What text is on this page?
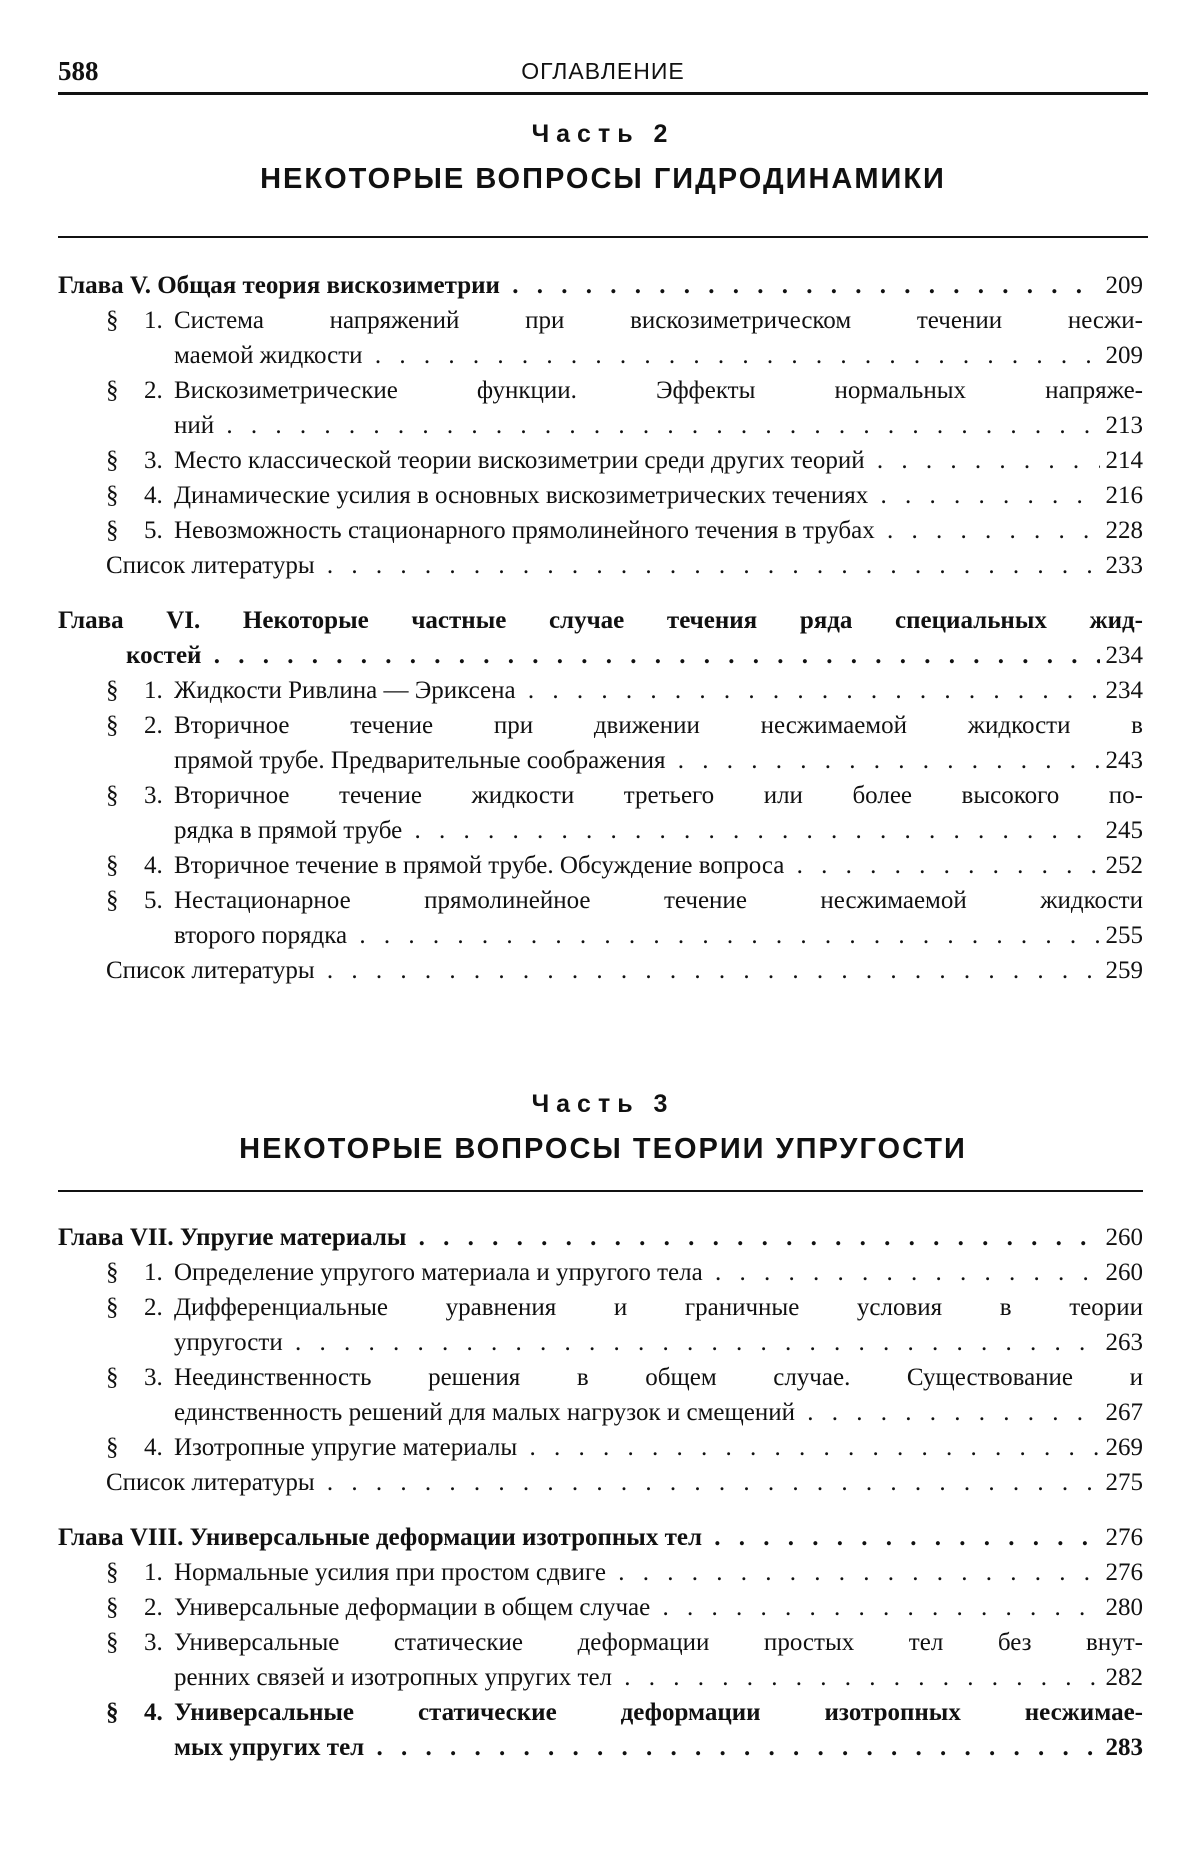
588	ОГЛАВЛЕНИЕ
Часть 2
НЕКОТОРЫЕ ВОПРОСЫ ГИДРОДИНАМИКИ
Глава V. Общая теория вискозиметрии . . .	209
§	1. Система напряжений при вискозиметрическом течении несжи-
маемой жидкости . . .	209
§	2. Вискозиметрические функции. Эффекты нормальных напряже-
ний . . .	213
§ 3. Место классической теории вискозиметрии среди других теорий . . .	214
§ 4. Динамические усилия в основных вискозиметрических течениях . . .	216
§ 5. Невозможность стационарного прямолинейного течения в трубах . . .	228
Список литературы . . .	233
Глава VI. Некоторые частные случае течения ряда специальных жид-
костей . . .	234
§ 1. Жидкости Ривлина — Эриксена . . .	234
§	2. Вторичное течение при движении несжимаемой жидкости в
прямой трубе. Предварительные соображения . . .	243
§	3. Вторичное течение жидкости третьего или более высокого по-
рядка в прямой трубе . . .	245
§ 4. Вторичное течение в прямой трубе. Обсуждение вопроса . . .	252
§	5. Нестационарное прямолинейное течение несжимаемой жидкости
второго порядка . . .	255
Список литературы . . .	259
Часть 3
НЕКОТОРЫЕ ВОПРОСЫ ТЕОРИИ УПРУГОСТИ
Глава VII. Упругие материалы . . .	260
§ 1. Определение упругого материала и упругого тела . . .	260
§	2. Дифференциальные уравнения и граничные условия в теории
упругости . . .	263
§	3. Неединственность решения в общем случае. Существование и
единственность решений для малых нагрузок и смещений . . .	267
§ 4. Изотропные упругие материалы . . .	269
Список литературы . . .	275
Глава VIII. Универсальные деформации изотропных тел . . .	276
§ 1. Нормальные усилия при простом сдвиге . . .	276
§ 2. Универсальные деформации в общем случае . . .	280
§	3. Универсальные статические деформации простых тел без внут-
ренних связей и изотропных упругих тел . . .	282
§	4. Универсальные статические деформации изотропных несжимае-
мых упругих тел . . .	283
